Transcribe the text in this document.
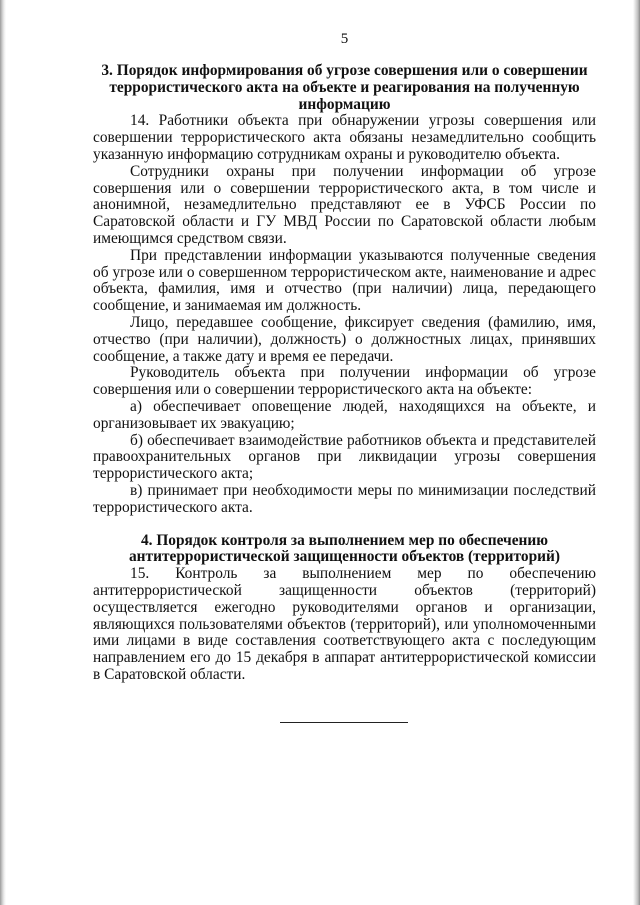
5
3. Порядок информирования об угрозе совершения или о совершении террористического акта на объекте и реагирования на полученную информацию

14. Работники объекта при обнаружении угрозы совершения или совершении террористического акта обязаны незамедлительно сообщить указанную информацию сотрудникам охраны и руководителю объекта.

Сотрудники охраны при получении информации об угрозе совершения или о совершении террористического акта, в том числе и анонимной, незамедлительно представляют ее в УФСБ России по Саратовской области и ГУ МВД России по Саратовской области любым имеющимся средством связи.

При представлении информации указываются полученные сведения об угрозе или о совершенном террористическом акте, наименование и адрес объекта, фамилия, имя и отчество (при наличии) лица, передающего сообщение, и занимаемая им должность.

Лицо, передавшее сообщение, фиксирует сведения (фамилию, имя, отчество (при наличии), должность) о должностных лицах, принявших сообщение, а также дату и время ее передачи.

Руководитель объекта при получении информации об угрозе совершения или о совершении террористического акта на объекте:

а) обеспечивает оповещение людей, находящихся на объекте, и организовывает их эвакуацию;

б) обеспечивает взаимодействие работников объекта и представителей правоохранительных органов при ликвидации угрозы совершения террористического акта;

в) принимает при необходимости меры по минимизации последствий террористического акта.

4. Порядок контроля за выполнением мер по обеспечению антитеррористической защищенности объектов (территорий)

15. Контроль за выполнением мер по обеспечению антитеррористической защищенности объектов (территорий) осуществляется ежегодно руководителями органов и организации, являющихся пользователями объектов (территорий), или уполномоченными ими лицами в виде составления соответствующего акта с последующим направлением его до 15 декабря в аппарат антитеррористической комиссии в Саратовской области.
